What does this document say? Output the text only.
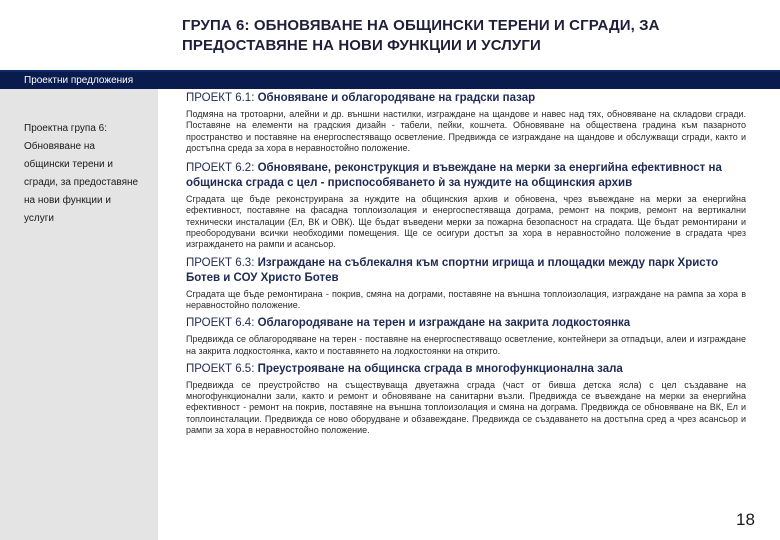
ГРУПА 6: ОБНОВЯВАНЕ НА ОБЩИНСКИ ТЕРЕНИ И СГРАДИ, ЗА
ПРЕДОСТАВЯНЕ НА НОВИ ФУНКЦИИ И УСЛУГИ
Проектни предложения
Проектна група 6:
Обновяване на
общински терени и
сгради, за предоставяне
на нови функции и
услуги

ПРОЕКТ 6.1: Обновяване и облагородяване на градски пазар

Подмяна на тротоарни, алейни и др. външни настилки, изграждане на щандове и навес над тях, обновяване на складови сгради. Поставяне на елементи на градския дизайн - табели, пейки, кошчета. Обновяване на обществена градина към пазарното пространство и поставяне на енергоспестяващо осветление. Предвижда се изграждане на щандове и обслужващи сгради, както и достъпна среда за хора в неравностойно положение.

ПРОЕКТ 6.2: Обновяване, реконструкция и въвеждане на мерки за енергийна ефективност на общинска сграда с цел - приспособяването ѝ за нуждите на общинския архив

Сградата ще бъде реконструирана за нуждите на общинския архив и обновена, чрез въвеждане на мерки за енергийна ефективност, поставяне на фасадна топлоизолация и енергоспестяваща дограма, ремонт на покрив, ремонт на вертикални технически инсталации (Ел, ВК и ОВК). Ще бъдат въведени мерки за пожарна безопасност на сградата. Ще бъдат ремонтирани и преобородувани всички необходими помещения. Ще се осигури достъп за хора в неравностойно положение в сградата чрез изграждането на рампи и асансьор.

ПРОЕКТ 6.3: Изграждане на съблекалня към спортни игрища и площадки между парк Христо Ботев и СОУ Христо Ботев

Сградата ще бъде ремонтирана - покрив, смяна на дограми, поставяне на външна топлоизолация, изграждане на рампа за хора в неравностойно положение.

ПРОЕКТ 6.4: Облагородяване на терен и изграждане на закрита лодкостоянка

Предвижда се облагородяване на терен - поставяне на енергоспестяващо осветление, контейнери за отпадъци, алеи и изграждане на закрита лодкостоянка, както и поставянето на лодкостоянки на открито.

ПРОЕКТ 6.5: Преустрояване на общинска сграда в многофункционална зала

Предвижда се преустройство на съществуваща двуетажна сграда (част от бивша детска ясла) с цел създаване на многофункционални зали, както и ремонт и обновяване на санитарни възли. Предвижда се въвеждане на мерки за енергийна ефективност - ремонт на покрив, поставяне на външна топлоизолация и смяна на дограма. Предвижда се обновяване на ВК, Ел и топлоинсталации. Предвижда се ново оборудване и обзавеждане. Предвижда се създаването на достъпна сред а чрез асансьор и рампи за хора в неравностойно положение.

18
